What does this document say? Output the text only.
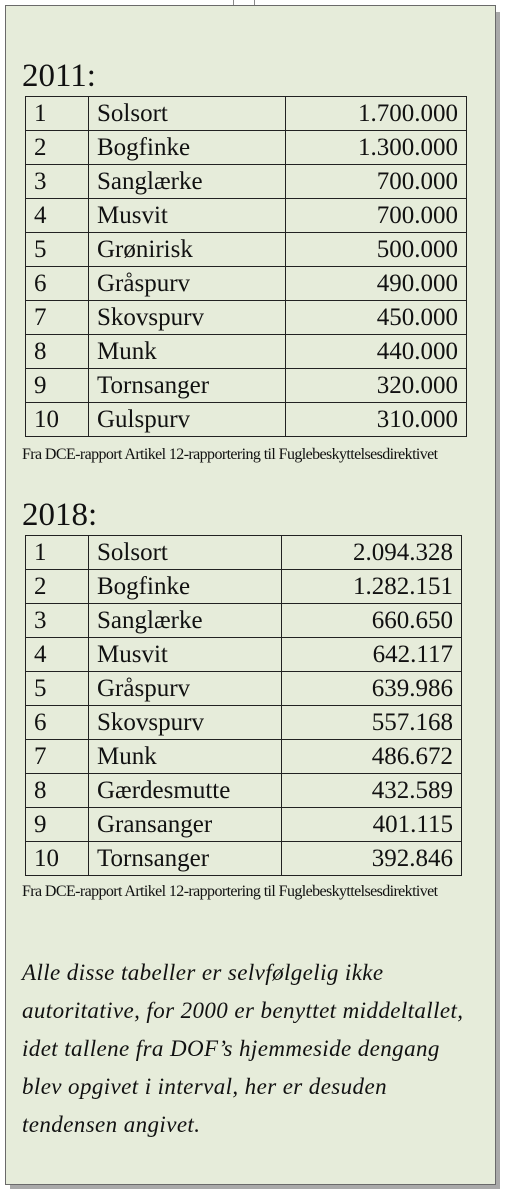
2011:
1	Solsort	1.700.000
2	Bogfinke	1.300.000
3	Sanglærke	700.000
4	Musvit	700.000
5	Grønirisk	500.000
6	Gråspurv	490.000
7	Skovspurv	450.000
8	Munk	440.000
9	Tornsanger	320.000
10	Gulspurv	310.000
Fra DCE-rapport Artikel 12-rapportering til Fuglebeskyttelsesdirektivet
2018:
1	Solsort	2.094.328
2	Bogfinke	1.282.151
3	Sanglærke	660.650
4	Musvit	642.117
5	Gråspurv	639.986
6	Skovspurv	557.168
7	Munk	486.672
8	Gærdesmutte	432.589
9	Gransanger	401.115
10	Tornsanger	392.846
Fra DCE-rapport Artikel 12-rapportering til Fuglebeskyttelsesdirektivet
Alle disse tabeller er selvfølgelig ikke autoritative, for 2000 er benyttet middeltallet, idet tallene fra DOF’s hjemmeside dengang blev opgivet i interval, her er desuden tendensen angivet.
